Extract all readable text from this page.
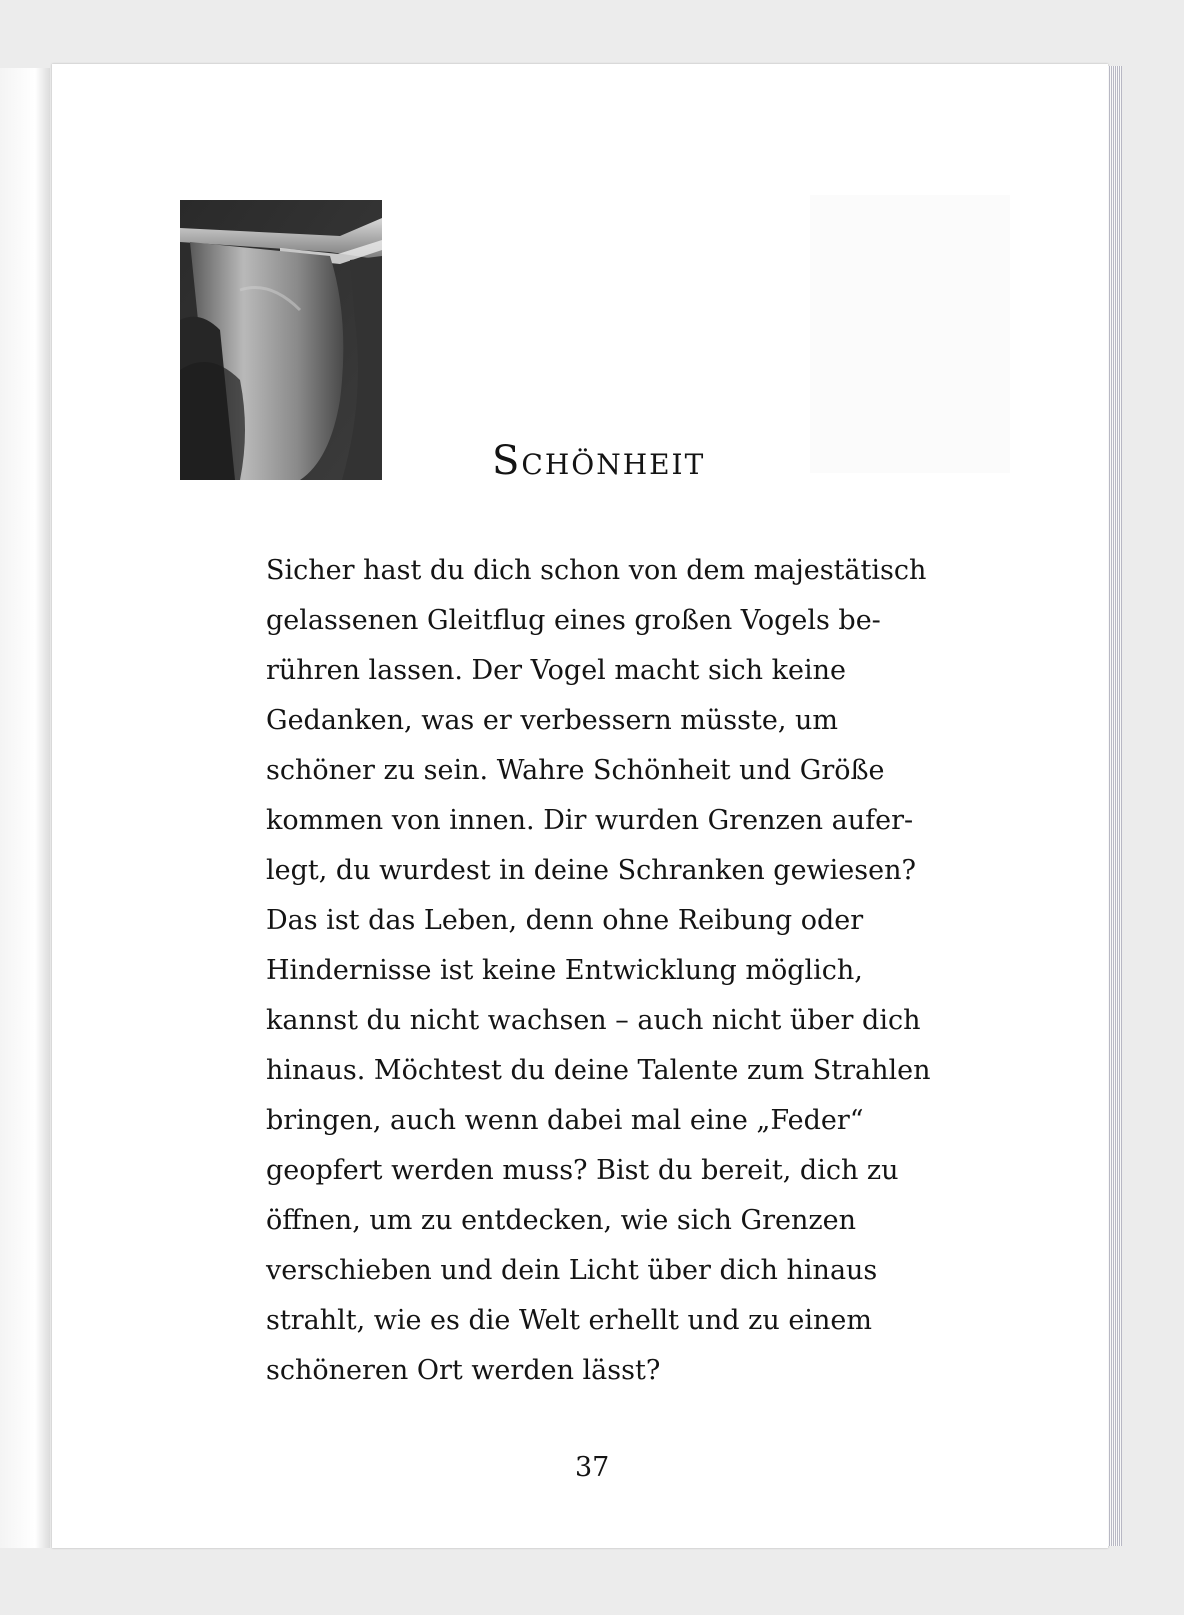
Schönheit
Sicher hast du dich schon von dem majestätisch
gelassenen Gleitflug eines großen Vogels be-
rühren lassen. Der Vogel macht sich keine
Gedanken, was er verbessern müsste, um
schöner zu sein. Wahre Schönheit und Größe
kommen von innen. Dir wurden Grenzen aufer-
legt, du wurdest in deine Schranken gewiesen?
Das ist das Leben, denn ohne Reibung oder
Hindernisse ist keine Entwicklung möglich,
kannst du nicht wachsen – auch nicht über dich
hinaus. Möchtest du deine Talente zum Strahlen
bringen, auch wenn dabei mal eine „Feder“
geopfert werden muss? Bist du bereit, dich zu
öffnen, um zu entdecken, wie sich Grenzen
verschieben und dein Licht über dich hinaus
strahlt, wie es die Welt erhellt und zu einem
schöneren Ort werden lässt?
37
